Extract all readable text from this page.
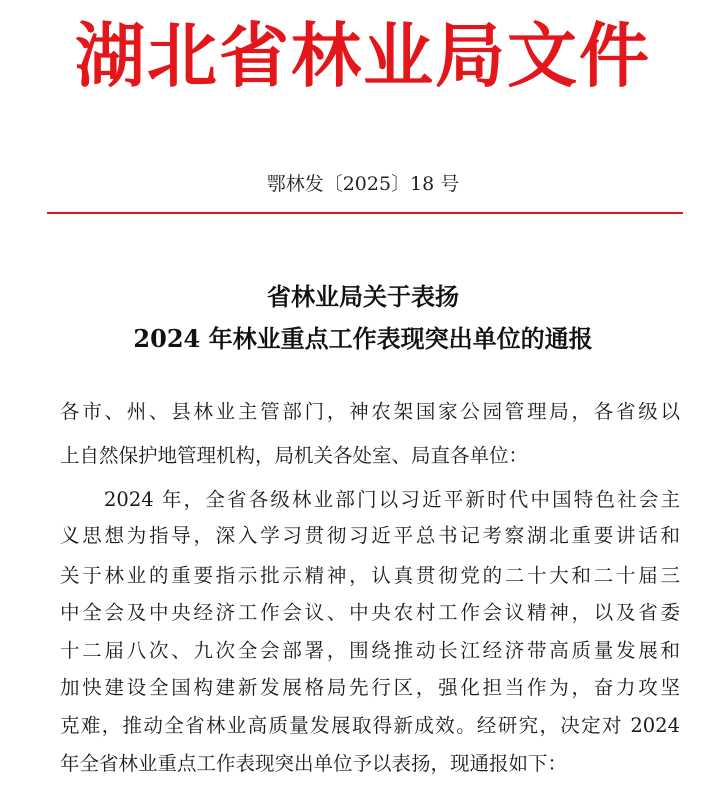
湖北省林业局文件
鄂林发〔2025〕18 号
省林业局关于表扬
2024 年林业重点工作表现突出单位的通报
各市、州、县林业主管部门，神农架国家公园管理局，各省级以
上自然保护地管理机构，局机关各处室、局直各单位：
2024 年，全省各级林业部门以习近平新时代中国特色社会主
义思想为指导，深入学习贯彻习近平总书记考察湖北重要讲话和
关于林业的重要指示批示精神，认真贯彻党的二十大和二十届三
中全会及中央经济工作会议、中央农村工作会议精神，以及省委
十二届八次、九次全会部署，围绕推动长江经济带高质量发展和
加快建设全国构建新发展格局先行区，强化担当作为，奋力攻坚
克难，推动全省林业高质量发展取得新成效。经研究，决定对 2024
年全省林业重点工作表现突出单位予以表扬，现通报如下：
